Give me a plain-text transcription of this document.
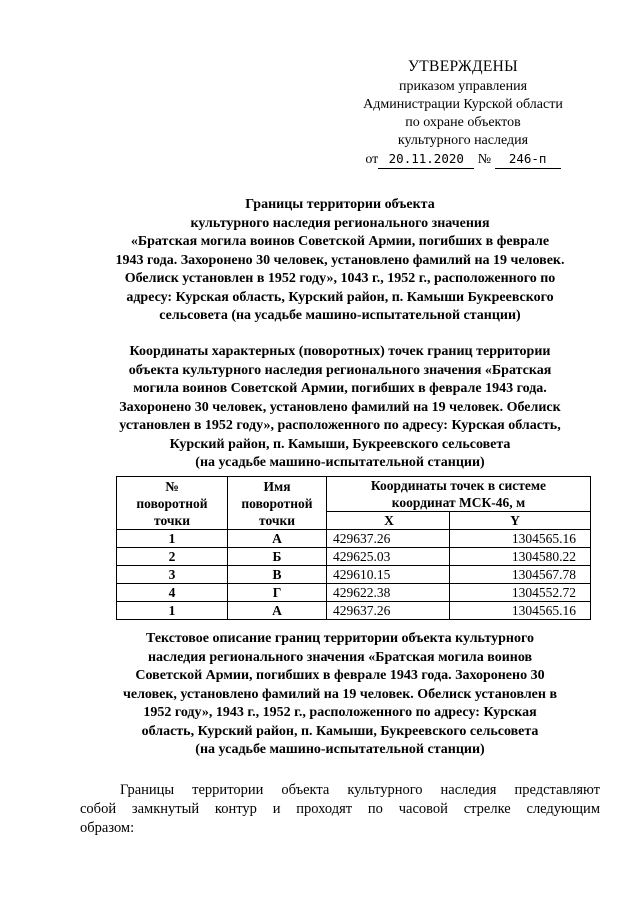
УТВЕРЖДЕНЫ
приказом управления
Администрации Курской области
по охране объектов
культурного наследия
от 20.11.2020 № 246-п
Границы территории объекта
культурного наследия регионального значения
«Братская могила воинов Советской Армии, погибших в феврале
1943 года. Захоронено 30 человек, установлено фамилий на 19 человек.
Обелиск установлен в 1952 году», 1043 г., 1952 г., расположенного по
адресу: Курская область, Курский район, п. Камыши Букреевского
сельсовета (на усадьбе машино-испытательной станции)
Координаты характерных (поворотных) точек границ территории
объекта культурного наследия регионального значения «Братская
могила воинов Советской Армии, погибших в феврале 1943 года.
Захоронено 30 человек, установлено фамилий на 19 человек. Обелиск
установлен в 1952 году», расположенного по адресу: Курская область,
Курский район, п. Камыши, Букреевского сельсовета
(на усадьбе машино-испытательной станции)
№
поворотной
точки	Имя
поворотной
точки	Координаты точек в системе
координат МСК-46, м	

		X	Y
1	А	429637.26	1304565.16
2	Б	429625.03	1304580.22
3	В	429610.15	1304567.78
4	Г	429622.38	1304552.72
1	А	429637.26	1304565.16
Текстовое описание границ территории объекта культурного
наследия регионального значения «Братская могила воинов
Советской Армии, погибших в феврале 1943 года. Захоронено 30
человек, установлено фамилий на 19 человек. Обелиск установлен в
1952 году», 1943 г., 1952 г., расположенного по адресу: Курская
область, Курский район, п. Камыши, Букреевского сельсовета
(на усадьбе машино-испытательной станции)
Границы территории объекта культурного наследия представляют
собой замкнутый контур и проходят по часовой стрелке следующим
образом:
